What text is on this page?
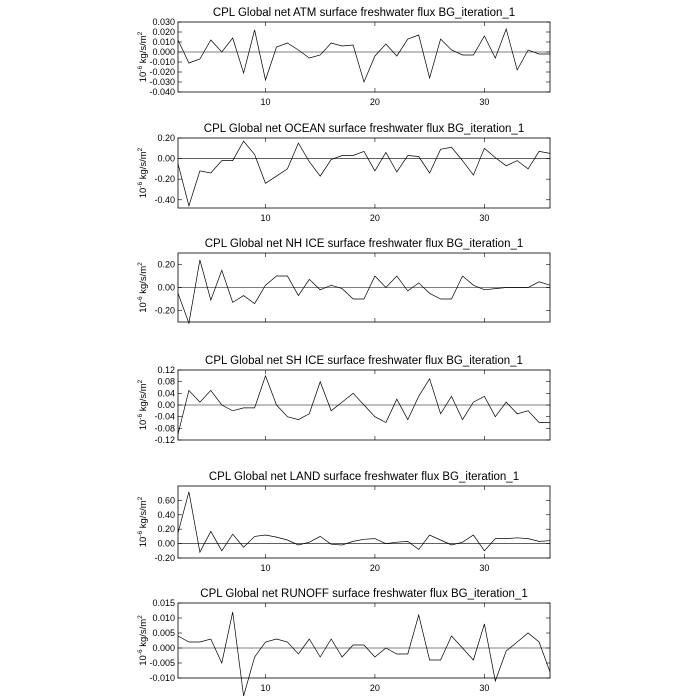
CPL Global net ATM surface freshwater flux BG_iteration_1
0.030
0.020
0.010
0.000
-0.010
-0.020
-0.030
-0.040
10	20	30
$10^{-6}$ $kg/s/m^2$
CPL Global net OCEAN surface freshwater flux BG_iteration_1
0.20
0.00
-0.20
-0.40
10	20	30
$10^{-6}$ $kg/s/m^2$
CPL Global net NH ICE surface freshwater flux BG_iteration_1
0.20
0.00
-0.20
$10^{-6}$ $kg/s/m^2$
CPL Global net SH ICE surface freshwater flux BG_iteration_1
0.12
0.08
0.04
0.00
-0.04
-0.08
-0.12
$10^{-6}$ $kg/s/m^2$
CPL Global net LAND surface freshwater flux BG_iteration_1
0.60
0.40
0.20
0.00
-0.20
10	20	30
$10^{-6}$ $kg/s/m^2$
CPL Global net RUNOFF surface freshwater flux BG_iteration_1
0.015
0.010
0.005
0.000
-0.005
-0.010
10	20	30
$10^{-6}$ $kg/s/m^2$
